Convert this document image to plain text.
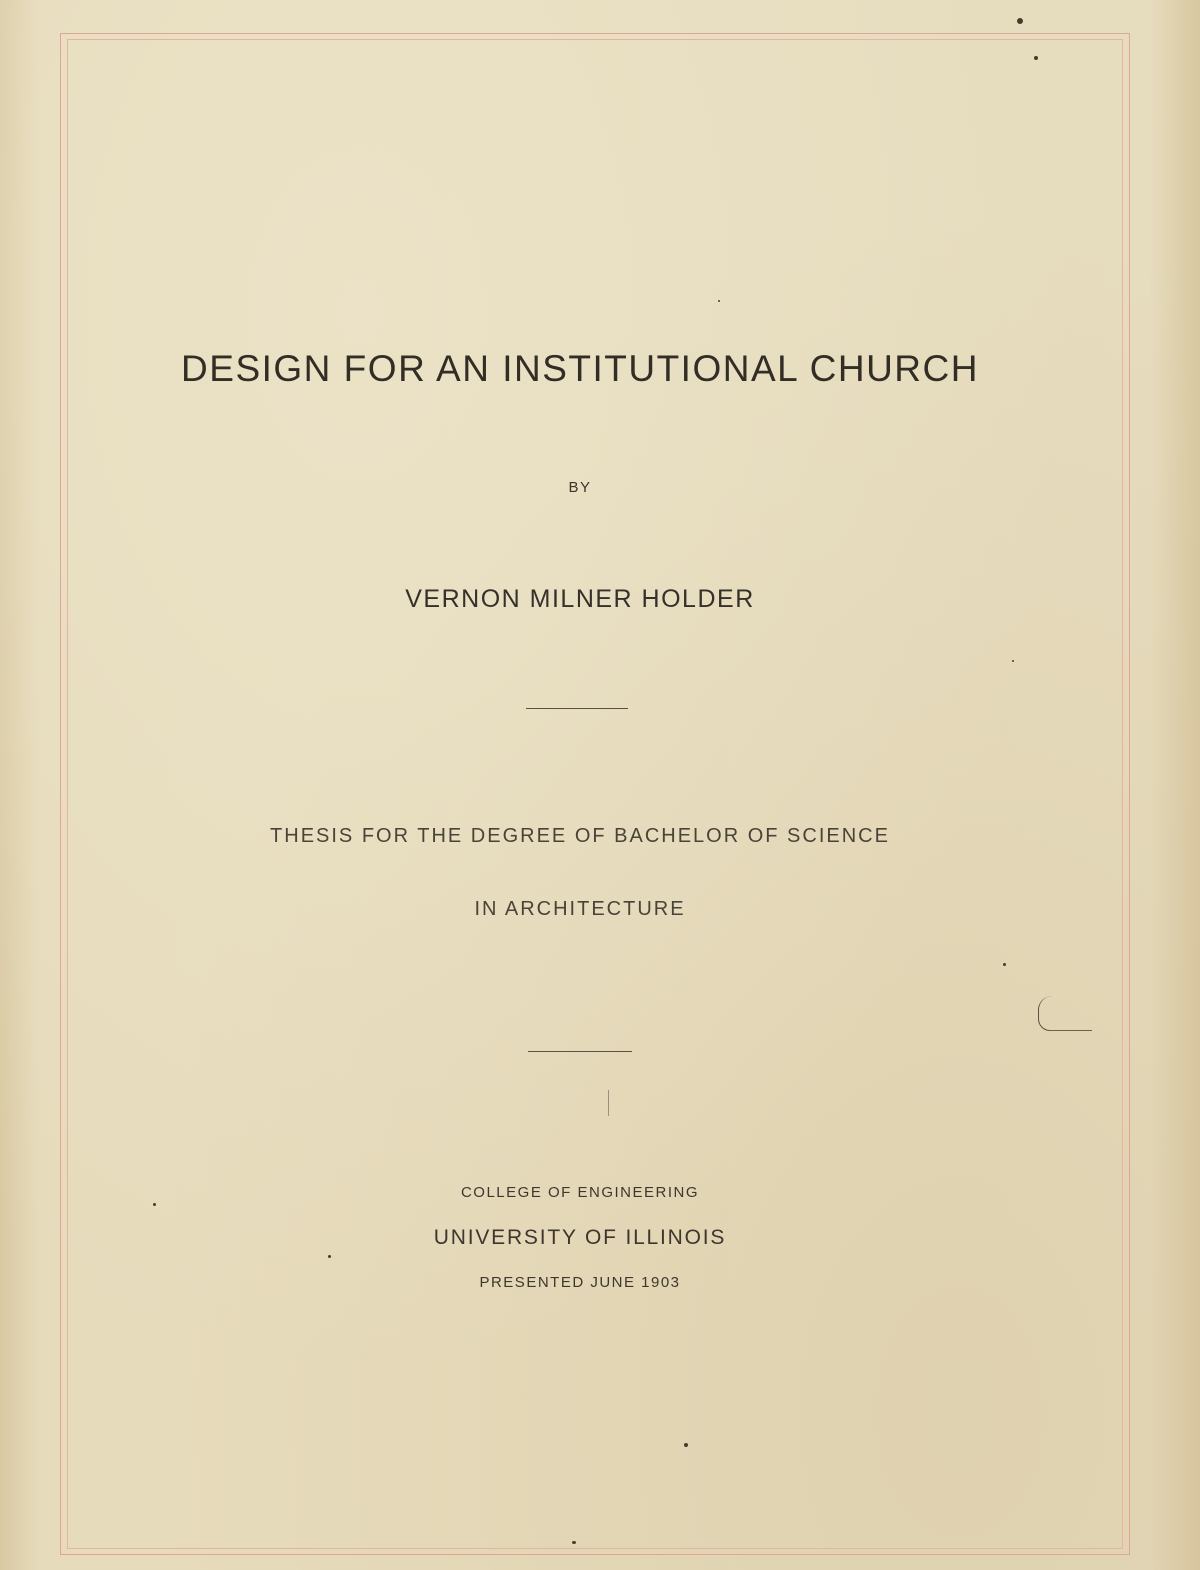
DESIGN FOR AN INSTITUTIONAL CHURCH
BY
VERNON MILNER HOLDER
THESIS FOR THE DEGREE OF BACHELOR OF SCIENCE
IN ARCHITECTURE
COLLEGE OF ENGINEERING
UNIVERSITY OF ILLINOIS
PRESENTED JUNE 1903
